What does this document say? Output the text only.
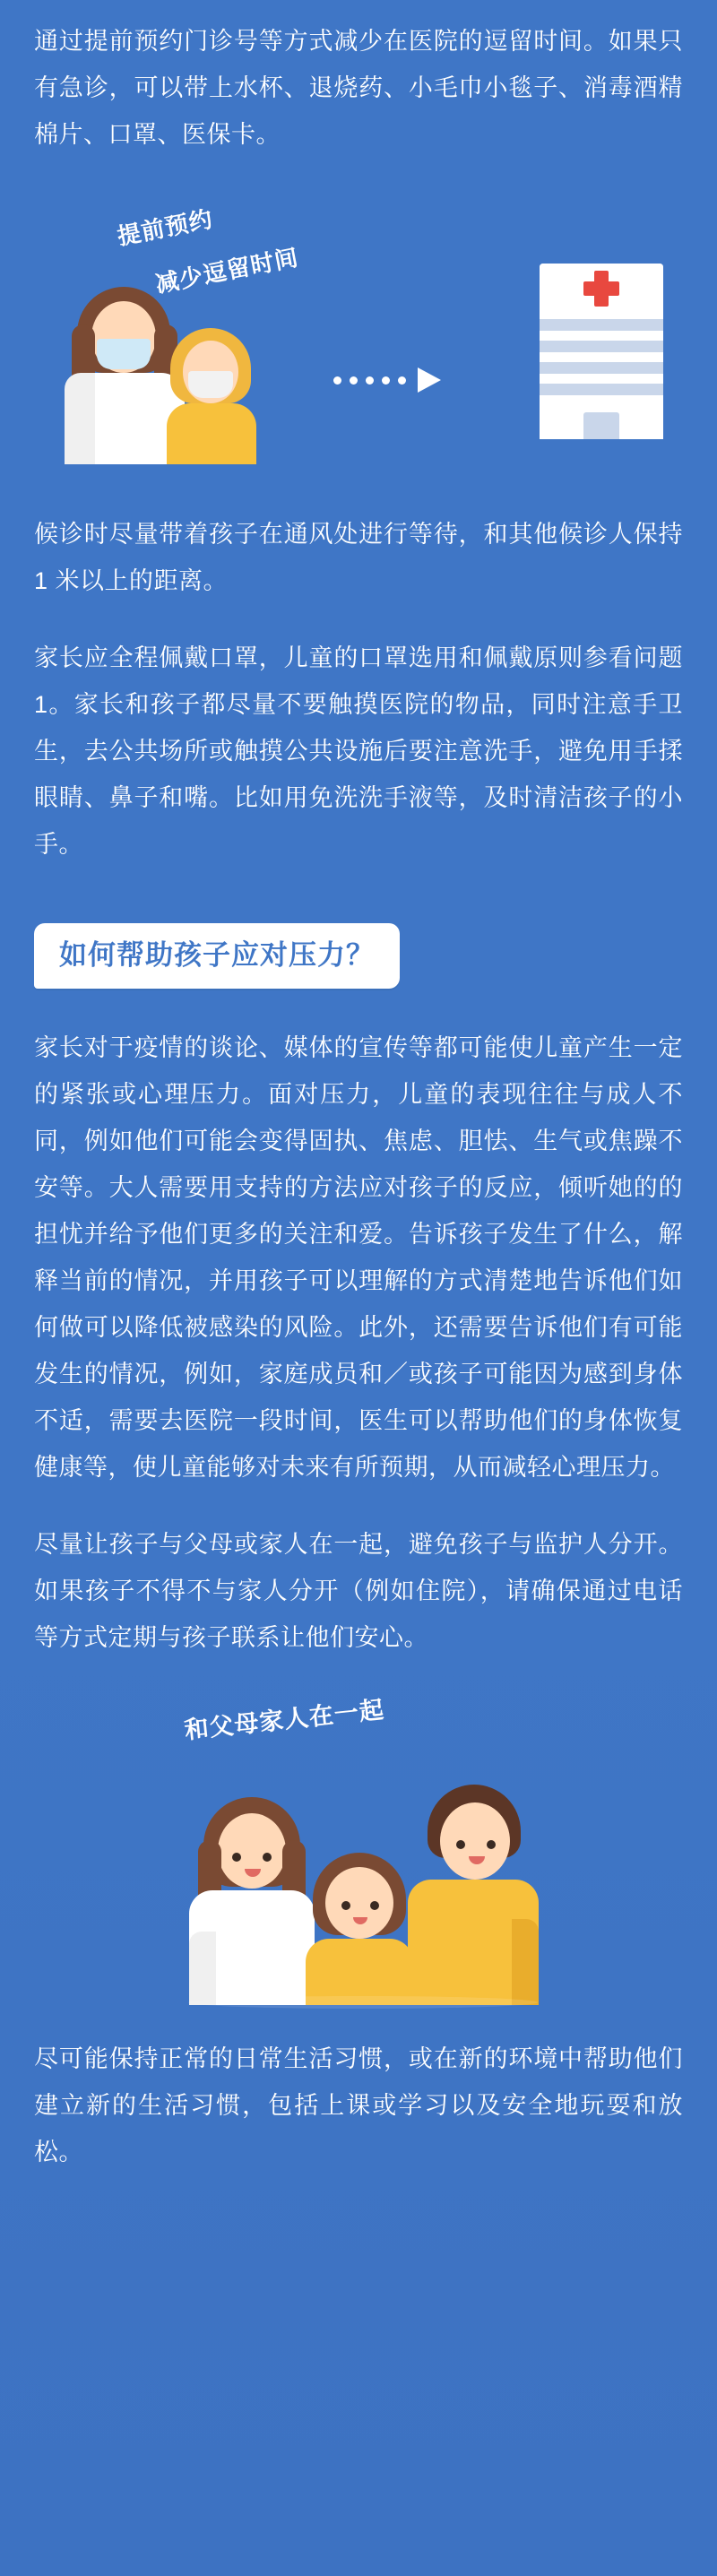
通过提前预约门诊号等方式减少在医院的逗留时间。如果只有急诊，可以带上水杯、退烧药、小毛巾小毯子、消毒酒精棉片、口罩、医保卡。

提前预约
减少逗留时间

候诊时尽量带着孩子在通风处进行等待，和其他候诊人保持 1 米以上的距离。

家长应全程佩戴口罩，儿童的口罩选用和佩戴原则参看问题 1。家长和孩子都尽量不要触摸医院的物品，同时注意手卫生，去公共场所或触摸公共设施后要注意洗手，避免用手揉眼睛、鼻子和嘴。比如用免洗洗手液等，及时清洁孩子的小手。

如何帮助孩子应对压力？

家长对于疫情的谈论、媒体的宣传等都可能使儿童产生一定的紧张或心理压力。面对压力，儿童的表现往往与成人不同，例如他们可能会变得固执、焦虑、胆怯、生气或焦躁不安等。大人需要用支持的方法应对孩子的反应，倾听她的的担忧并给予他们更多的关注和爱。告诉孩子发生了什么，解释当前的情况，并用孩子可以理解的方式清楚地告诉他们如何做可以降低被感染的风险。此外，还需要告诉他们有可能发生的情况，例如，家庭成员和／或孩子可能因为感到身体不适，需要去医院一段时间，医生可以帮助他们的身体恢复健康等，使儿童能够对未来有所预期，从而减轻心理压力。

尽量让孩子与父母或家人在一起，避免孩子与监护人分开。如果孩子不得不与家人分开（例如住院），请确保通过电话等方式定期与孩子联系让他们安心。

和父母家人在一起

尽可能保持正常的日常生活习惯，或在新的环境中帮助他们建立新的生活习惯，包括上课或学习以及安全地玩耍和放松。
